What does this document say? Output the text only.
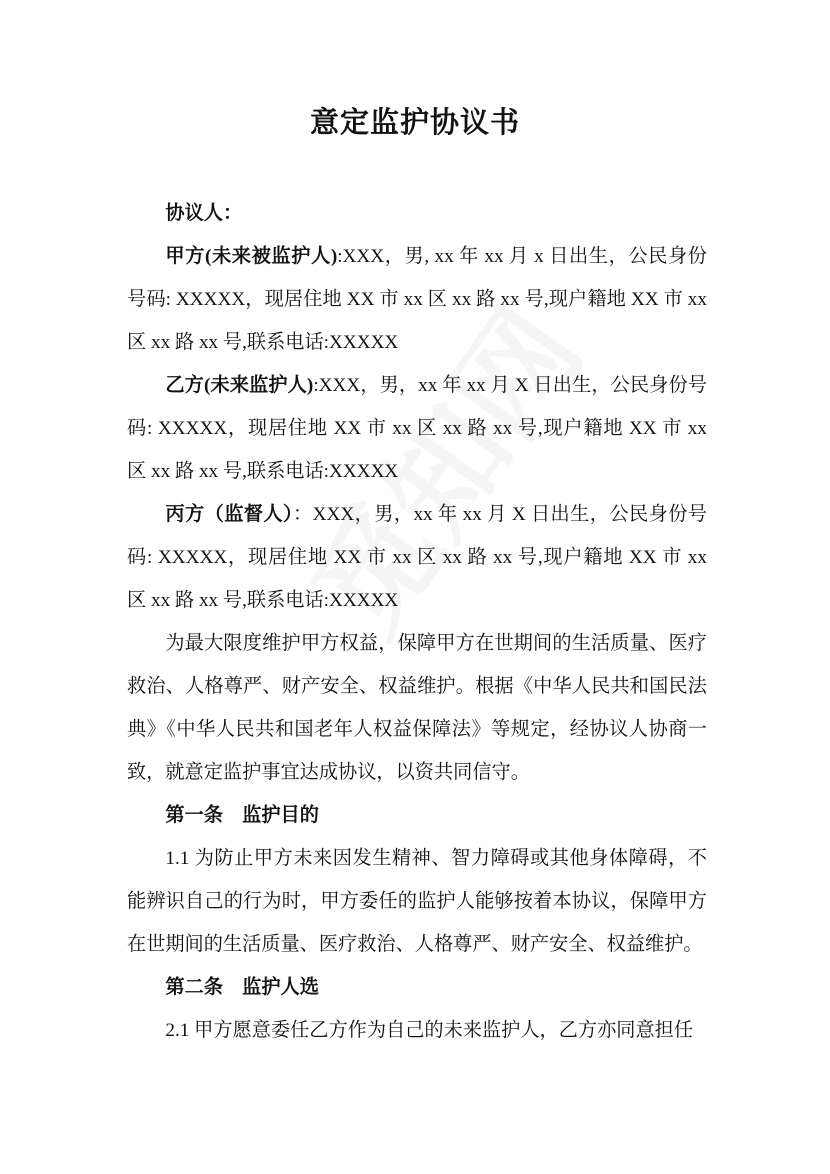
意定监护协议书

协议人：

甲方(未来被监护人):XXX，男, xx 年 xx 月 x 日出生，公民身份号码: XXXXX，现居住地 XX 市 xx 区 xx 路 xx 号,现户籍地 XX 市 xx 区 xx 路 xx 号,联系电话:XXXXX

乙方(未来监护人):XXX，男，xx 年 xx 月 X 日出生，公民身份号码: XXXXX，现居住地 XX 市 xx 区 xx 路 xx 号,现户籍地 XX 市 xx 区 xx 路 xx 号,联系电话:XXXXX

丙方（监督人）：XXX，男，xx 年 xx 月 X 日出生，公民身份号码: XXXXX，现居住地 XX 市 xx 区 xx 路 xx 号,现户籍地 XX 市 xx 区 xx 路 xx 号,联系电话:XXXXX

为最大限度维护甲方权益，保障甲方在世期间的生活质量、医疗救治、人格尊严、财产安全、权益维护。根据《中华人民共和国民法典》《中华人民共和国老年人权益保障法》等规定，经协议人协商一致，就意定监护事宜达成协议，以资共同信守。

第一条　监护目的

1.1 为防止甲方未来因发生精神、智力障碍或其他身体障碍，不能辨识自己的行为时，甲方委任的监护人能够按着本协议，保障甲方在世期间的生活质量、医疗救治、人格尊严、财产安全、权益维护。

第二条　监护人选

2.1 甲方愿意委任乙方作为自己的未来监护人，乙方亦同意担任
